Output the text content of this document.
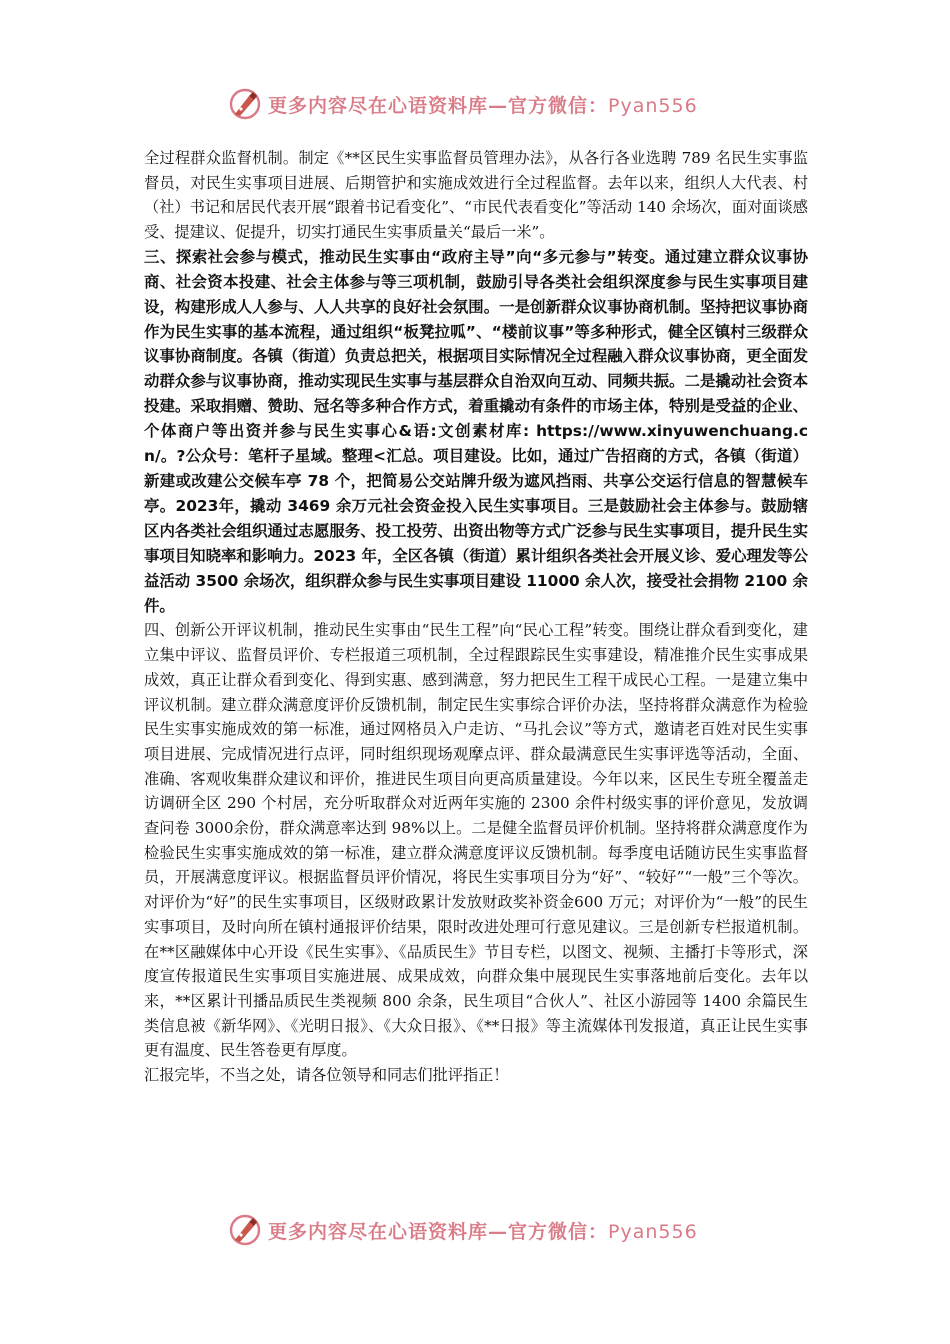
更多内容尽在心语资料库—官方微信：Pyan556

全过程群众监督机制。制定《**区民生实事监督员管理办法》，从各行各业选聘 789 名民生实事监督员，对民生实事项目进展、后期管护和实施成效进行全过程监督。去年以来，组织人大代表、村（社）书记和居民代表开展“跟着书记看变化”、“市民代表看变化”等活动 140 余场次，面对面谈感受、提建议、促提升，切实打通民生实事质量关“最后一米”。

三、探索社会参与模式，推动民生实事由“政府主导”向“多元参与”转变。通过建立群众议事协商、社会资本投建、社会主体参与等三项机制，鼓励引导各类社会组织深度参与民生实事项目建设，构建形成人人参与、人人共享的良好社会氛围。一是创新群众议事协商机制。坚持把议事协商作为民生实事的基本流程，通过组织“板凳拉呱”、“楼前议事”等多种形式，健全区镇村三级群众议事协商制度。各镇（街道）负责总把关，根据项目实际情况全过程融入群众议事协商，更全面发动群众参与议事协商，推动实现民生实事与基层群众自治双向互动、同频共振。二是撬动社会资本投建。采取捐赠、赞助、冠名等多种合作方式，着重撬动有条件的市场主体，特别是受益的企业、个体商户等出资并参与民生实事心&语:文创素材库: https://www.xinyuwenchuang.cn/。?公众号：笔杆子星域。整理<汇总。项目建设。比如，通过广告招商的方式，各镇（街道）新建或改建公交候车亭 78 个，把简易公交站牌升级为遮风挡雨、共享公交运行信息的智慧候车亭。2023年，撬动 3469 余万元社会资金投入民生实事项目。三是鼓励社会主体参与。鼓励辖区内各类社会组织通过志愿服务、投工投劳、出资出物等方式广泛参与民生实事项目，提升民生实事项目知晓率和影响力。2023 年，全区各镇（街道）累计组织各类社会开展义诊、爱心理发等公益活动 3500 余场次，组织群众参与民生实事项目建设 11000 余人次，接受社会捐物 2100 余件。

四、创新公开评议机制，推动民生实事由“民生工程”向“民心工程”转变。围绕让群众看到变化，建立集中评议、监督员评价、专栏报道三项机制，全过程跟踪民生实事建设，精准推介民生实事成果成效，真正让群众看到变化、得到实惠、感到满意，努力把民生工程干成民心工程。一是建立集中评议机制。建立群众满意度评价反馈机制，制定民生实事综合评价办法，坚持将群众满意作为检验民生实事实施成效的第一标准，通过网格员入户走访、“马扎会议”等方式，邀请老百姓对民生实事项目进展、完成情况进行点评，同时组织现场观摩点评、群众最满意民生实事评选等活动，全面、准确、客观收集群众建议和评价，推进民生项目向更高质量建设。今年以来，区民生专班全覆盖走访调研全区 290 个村居，充分听取群众对近两年实施的 2300 余件村级实事的评价意见，发放调查问卷 3000余份，群众满意率达到 98%以上。二是健全监督员评价机制。坚持将群众满意度作为检验民生实事实施成效的第一标准，建立群众满意度评议反馈机制。每季度电话随访民生实事监督员，开展满意度评议。根据监督员评价情况，将民生实事项目分为“好”、“较好”“一般”三个等次。对评价为“好”的民生实事项目，区级财政累计发放财政奖补资金600 万元；对评价为“一般”的民生实事项目，及时向所在镇村通报评价结果，限时改进处理可行意见建议。三是创新专栏报道机制。在**区融媒体中心开设《民生实事》、《品质民生》节目专栏，以图文、视频、主播打卡等形式，深度宣传报道民生实事项目实施进展、成果成效，向群众集中展现民生实事落地前后变化。去年以来，**区累计刊播品质民生类视频 800 余条，民生项目“合伙人”、社区小游园等 1400 余篇民生类信息被《新华网》、《光明日报》、《大众日报》、《**日报》等主流媒体刊发报道，真正让民生实事更有温度、民生答卷更有厚度。

汇报完毕，不当之处，请各位领导和同志们批评指正！

更多内容尽在心语资料库—官方微信：Pyan556
